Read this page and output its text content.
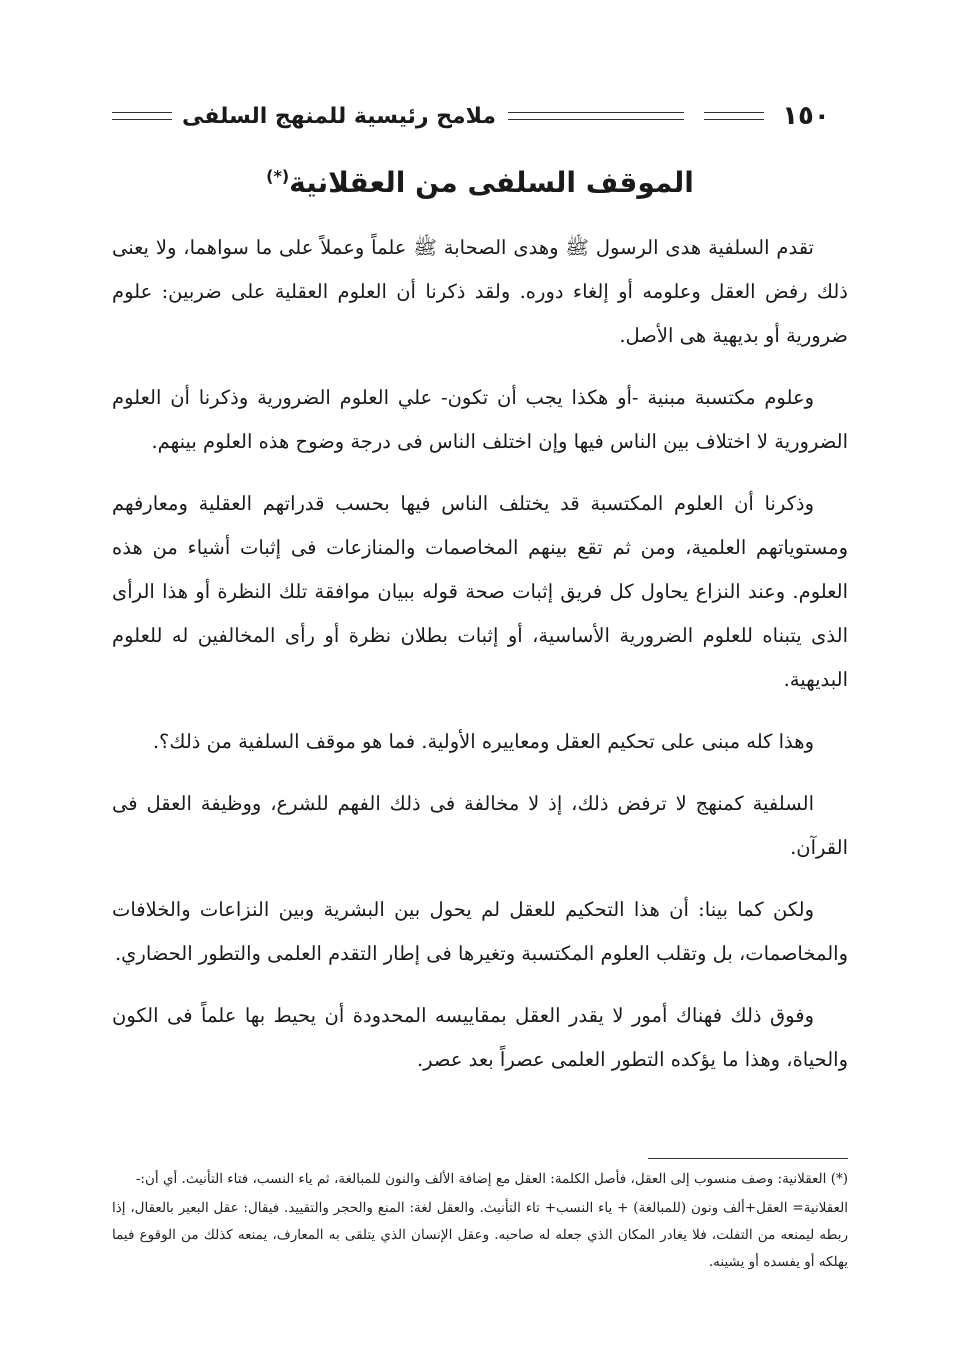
ملامح رئيسية للمنهج السلفى	١٥٠
الموقف السلفى من العقلانية(*)

تقدم السلفية هدى الرسول ﷺ وهدى الصحابة ﷺ علماً وعملاً على ما سواهما، ولا يعنى ذلك رفض العقل وعلومه أو إلغاء دوره. ولقد ذكرنا أن العلوم العقلية على ضربين: علوم ضرورية أو بديهية هى الأصل.

وعلوم مكتسبة مبنية -أو هكذا يجب أن تكون- علي العلوم الضرورية وذكرنا أن العلوم الضرورية لا اختلاف بين الناس فيها وإن اختلف الناس فى درجة وضوح هذه العلوم بينهم.

وذكرنا أن العلوم المكتسبة قد يختلف الناس فيها بحسب قدراتهم العقلية ومعارفهم ومستوياتهم العلمية، ومن ثم تقع بينهم المخاصمات والمنازعات فى إثبات أشياء من هذه العلوم. وعند النزاع يحاول كل فريق إثبات صحة قوله ببيان موافقة تلك النظرة أو هذا الرأى الذى يتبناه للعلوم الضرورية الأساسية، أو إثبات بطلان نظرة أو رأى المخالفين له للعلوم البديهية.

وهذا كله مبنى على تحكيم العقل ومعاييره الأولية. فما هو موقف السلفية من ذلك؟.

السلفية كمنهج لا ترفض ذلك، إذ لا مخالفة فى ذلك الفهم للشرع، ووظيفة العقل فى القرآن.

ولكن كما بينا: أن هذا التحكيم للعقل لم يحول بين البشرية وبين النزاعات والخلافات والمخاصمات، بل وتقلب العلوم المكتسبة وتغيرها فى إطار التقدم العلمى والتطور الحضاري.

وفوق ذلك فهناك أمور لا يقدر العقل بمقاييسه المحدودة أن يحيط بها علماً فى الكون والحياة، وهذا ما يؤكده التطور العلمى عصراً بعد عصر.

(*) العقلانية: وصف منسوب إلى العقل، فأصل الكلمة: العقل مع إضافة الألف والنون للمبالغة، ثم ياء النسب، فتاء التأنيث. أي أن:-

العقلانية= العقل+ألف ونون (للمبالغة) + ياء النسب+ تاء التأنيث. والعقل لغة: المنع والحجر والتقييد. فيقال: عقل البعير بالعقال، إذا ربطه ليمنعه من التفلت، فلا يغادر المكان الذي جعله له صاحبه. وعقل الإنسان الذي يتلقى به المعارف، يمنعه كذلك من الوقوع فيما يهلكه أو يفسده أو يشينه.
